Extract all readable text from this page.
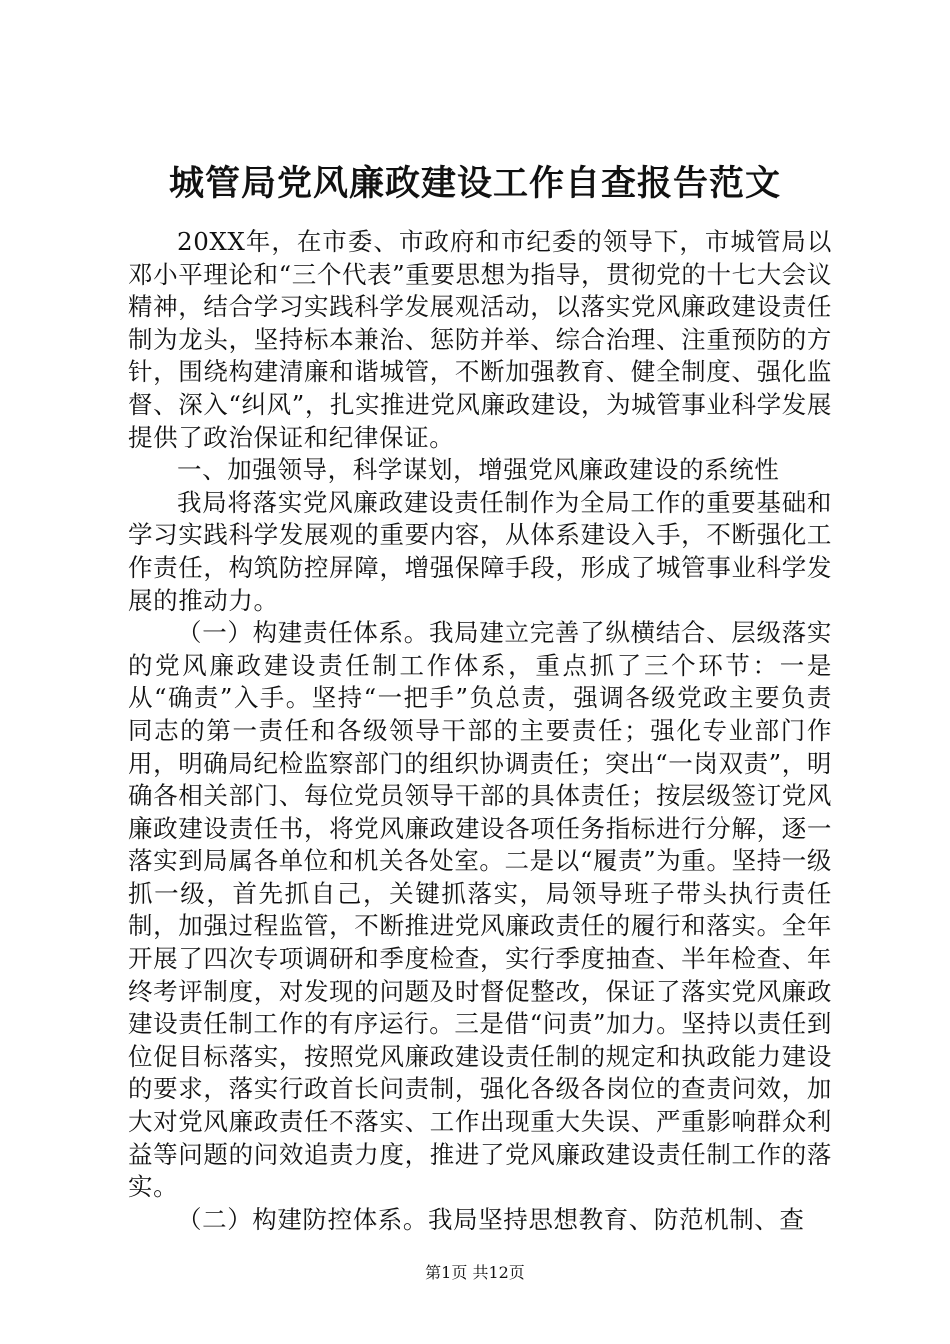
城管局党风廉政建设工作自查报告范文

20XX年，在市委、市政府和市纪委的领导下，市城管局以邓小平理论和“三个代表”重要思想为指导，贯彻党的十七大会议精神，结合学习实践科学发展观活动，以落实党风廉政建设责任制为龙头，坚持标本兼治、惩防并举、综合治理、注重预防的方针，围绕构建清廉和谐城管，不断加强教育、健全制度、强化监督、深入“纠风”，扎实推进党风廉政建设，为城管事业科学发展提供了政治保证和纪律保证。

一、加强领导，科学谋划，增强党风廉政建设的系统性

我局将落实党风廉政建设责任制作为全局工作的重要基础和学习实践科学发展观的重要内容，从体系建设入手，不断强化工作责任，构筑防控屏障，增强保障手段，形成了城管事业科学发展的推动力。

（一）构建责任体系。我局建立完善了纵横结合、层级落实的党风廉政建设责任制工作体系，重点抓了三个环节：一是从“确责”入手。坚持“一把手”负总责，强调各级党政主要负责同志的第一责任和各级领导干部的主要责任；强化专业部门作用，明确局纪检监察部门的组织协调责任；突出“一岗双责”，明确各相关部门、每位党员领导干部的具体责任；按层级签订党风廉政建设责任书，将党风廉政建设各项任务指标进行分解，逐一落实到局属各单位和机关各处室。二是以“履责”为重。坚持一级抓一级，首先抓自己，关键抓落实，局领导班子带头执行责任制，加强过程监管，不断推进党风廉政责任的履行和落实。全年开展了四次专项调研和季度检查，实行季度抽查、半年检查、年终考评制度，对发现的问题及时督促整改，保证了落实党风廉政建设责任制工作的有序运行。三是借“问责”加力。坚持以责任到位促目标落实，按照党风廉政建设责任制的规定和执政能力建设的要求，落实行政首长问责制，强化各级各岗位的查责问效，加大对党风廉政责任不落实、工作出现重大失误、严重影响群众利益等问题的问效追责力度，推进了党风廉政建设责任制工作的落实。

（二）构建防控体系。我局坚持思想教育、防范机制、查

第1页 共12页
